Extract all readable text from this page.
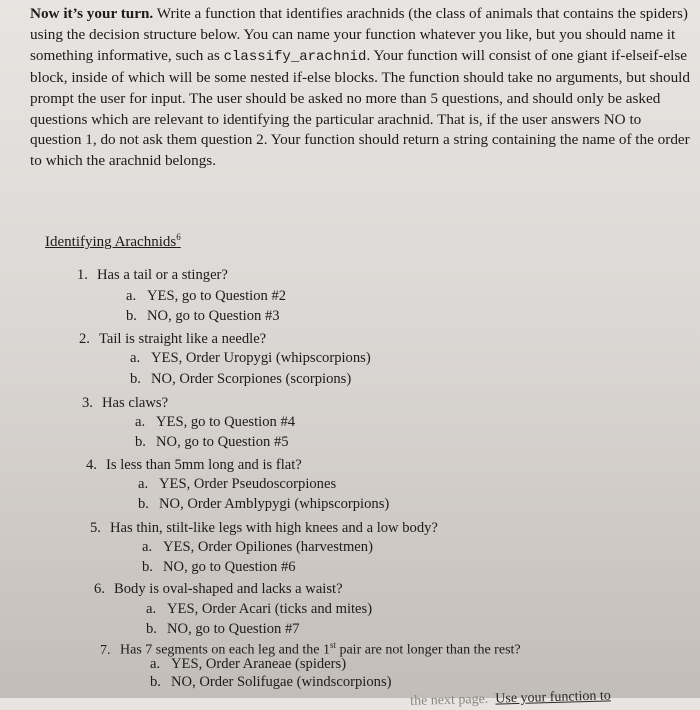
Now it’s your turn. Write a function that identifies arachnids (the class of animals that contains the spiders) using the decision structure below. You can name your function whatever you like, but you should name it something informative, such as classify_arachnid. Your function will consist of one giant if-elseif-else block, inside of which will be some nested if-else blocks. The function should take no arguments, but should prompt the user for input. The user should be asked no more than 5 questions, and should only be asked questions which are relevant to identifying the particular arachnid. That is, if the user answers NO to question 1, do not ask them question 2. Your function should return a string containing the name of the order to which the arachnid belongs.

Identifying Arachnids$^6$

1. Has a tail or a stinger?

a. YES, go to Question #2

b. NO, go to Question #3

2. Tail is straight like a needle?

a. YES, Order Uropygi (whipscorpions)

b. NO, Order Scorpiones (scorpions)

3. Has claws?

a. YES, go to Question #4

b. NO, go to Question #5

4. Is less than 5mm long and is flat?

a. YES, Order Pseudoscorpiones

b. NO, Order Amblypygi (whipscorpions)

5. Has thin, stilt-like legs with high knees and a low body?

a. YES, Order Opiliones (harvestmen)

b. NO, go to Question #6

6. Body is oval-shaped and lacks a waist?

a. YES, Order Acari (ticks and mites)

b. NO, go to Question #7

7. Has 7 segments on each leg and the 1st pair are not longer than the rest?

a. YES, Order Araneae (spiders)

b. NO, Order Solifugae (windscorpions)

the next page. Use your function to
